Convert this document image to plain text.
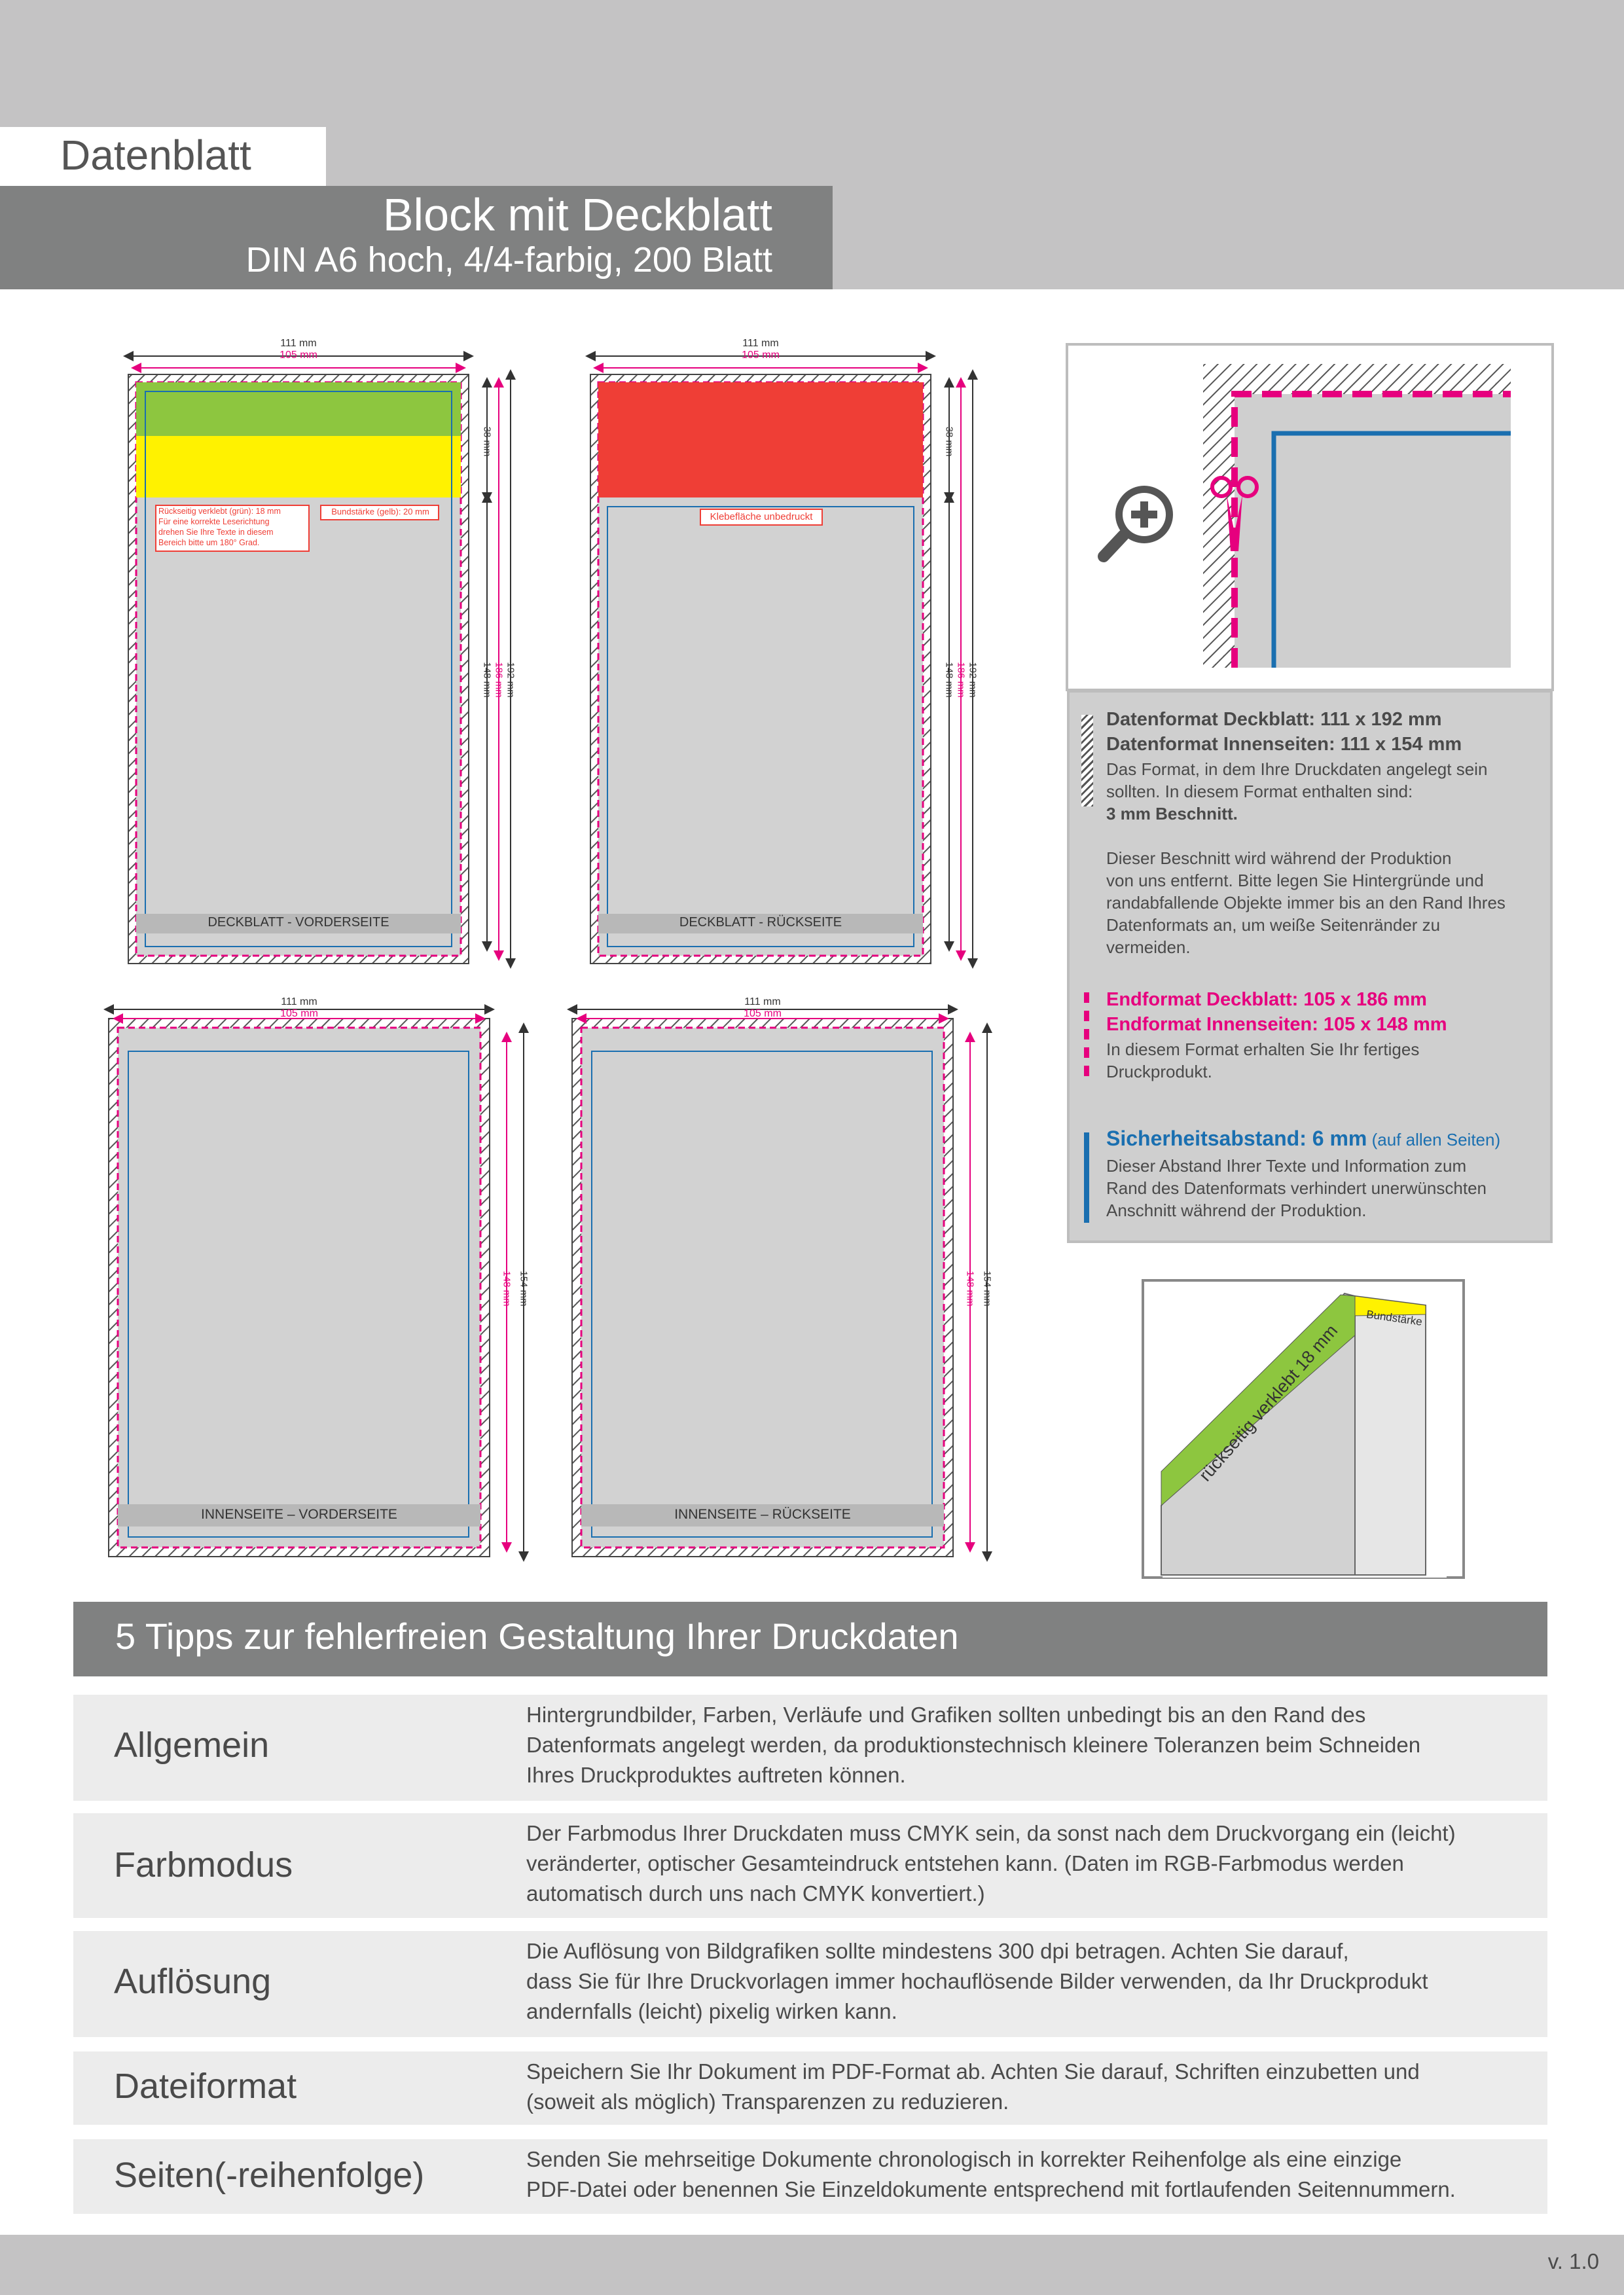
Datenblatt
Block mit Deckblatt
DIN A6 hoch, 4/4-farbig, 200 Blatt
111 mm
105 mm
111 mm
105 mm
111 mm
105 mm
111 mm
105 mm
192 mm
186 mm
148 mm
38 mm
192 mm
186 mm
148 mm
38 mm
154 mm
148 mm	154 mm
148 mm
Rückseitig verklebt (grün): 18 mm
Für eine korrekte Leserichtung
drehen Sie Ihre Texte in diesem
Bereich bitte um 180° Grad.
Bundstärke (gelb): 20 mm	Klebefläche unbedruckt
DECKBLATT - VORDERSEITE	DECKBLATT - RÜCKSEITE
INNENSEITE – VORDERSEITE	INNENSEITE – RÜCKSEITE
rückseitig verklebt 18 mm
Bundstärke
Datenformat Deckblatt: 111 x 192 mm
Datenformat Innenseiten: 111 x 154 mm
Das Format, in dem Ihre Druckdaten angelegt sein
sollten. In diesem Format enthalten sind:
3 mm Beschnitt.
Dieser Beschnitt wird während der Produktion
von uns entfernt. Bitte legen Sie Hintergründe und
randabfallende Objekte immer bis an den Rand Ihres
Datenformats an, um weiße Seitenränder zu
vermeiden.
Endformat Deckblatt: 105 x 186 mm
Endformat Innenseiten: 105 x 148 mm
In diesem Format erhalten Sie Ihr fertiges
Druckprodukt.
Sicherheitsabstand: 6 mm (auf allen Seiten)
Dieser Abstand Ihrer Texte und Information zum
Rand des Datenformats verhindert unerwünschten
Anschnitt während der Produktion.
5 Tipps zur fehlerfreien Gestaltung Ihrer Druckdaten
Allgemein
Hintergrundbilder, Farben, Verläufe und Grafiken sollten unbedingt bis an den Rand des
Datenformats angelegt werden, da produktionstechnisch kleinere Toleranzen beim Schneiden
Ihres Druckproduktes auftreten können.
Farbmodus
Der Farbmodus Ihrer Druckdaten muss CMYK sein, da sonst nach dem Druckvorgang ein (leicht)
veränderter, optischer Gesamteindruck entstehen kann. (Daten im RGB-Farbmodus werden
automatisch durch uns nach CMYK konvertiert.)
Auflösung
Die Auflösung von Bildgrafiken sollte mindestens 300 dpi betragen. Achten Sie darauf,
dass Sie für Ihre Druckvorlagen immer hochauflösende Bilder verwenden, da Ihr Druckprodukt
andernfalls (leicht) pixelig wirken kann.
Dateiformat	Speichern Sie Ihr Dokument im PDF-Format ab. Achten Sie darauf, Schriften einzubetten und
(soweit als möglich) Transparenzen zu reduzieren.
Seiten(-reihenfolge)	Senden Sie mehrseitige Dokumente chronologisch in korrekter Reihenfolge als eine einzige
PDF-Datei oder benennen Sie Einzeldokumente entsprechend mit fortlaufenden Seitennummern.
v. 1.0
